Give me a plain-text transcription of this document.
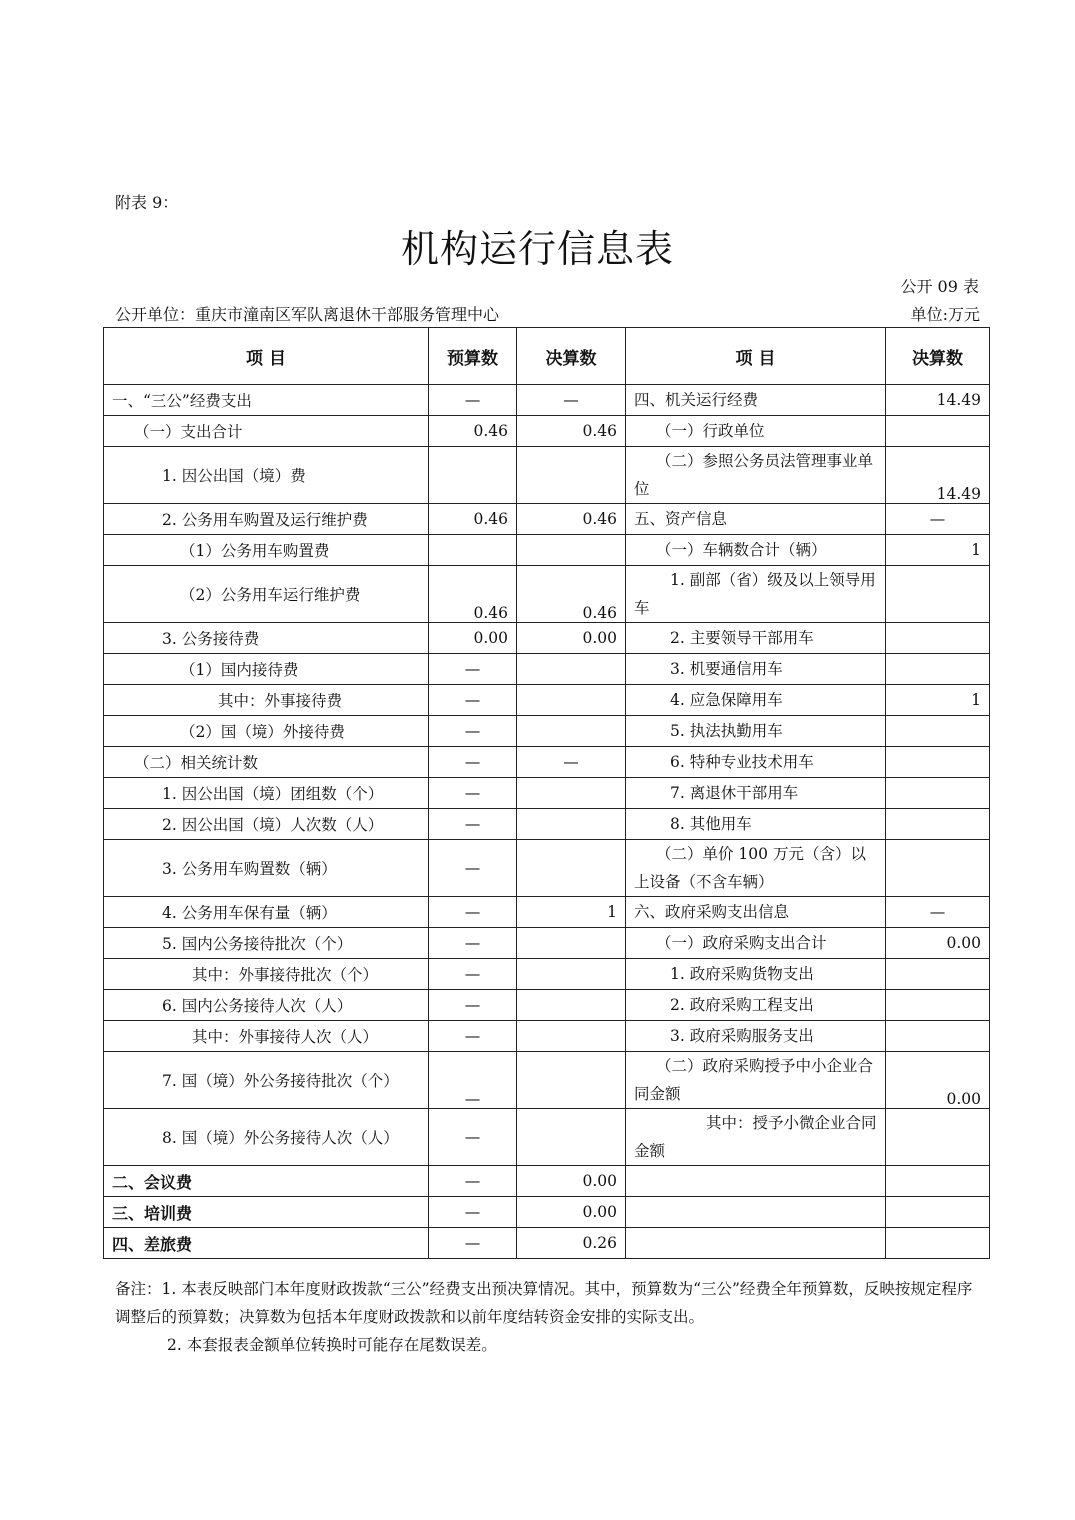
附表 9：
机构运行信息表
公开 09 表
公开单位：重庆市潼南区军队离退休干部服务管理中心	单位:万元
项 目	预算数	决算数	项 目	决算数
一、“三公”经费支出	—	—	四、机关运行经费	14.49
（一）支出合计	0.46	0.46	（一）行政单位	
1. 因公出国（境）费			（二）参照公务员法管理事业单位	14.49
2. 公务用车购置及运行维护费	0.46	0.46	五、资产信息	—
（1）公务用车购置费			（一）车辆数合计（辆）	1
（2）公务用车运行维护费	0.46	0.46	1. 副部（省）级及以上领导用车	
3. 公务接待费	0.00	0.00	2. 主要领导干部用车	
（1）国内接待费	—		3. 机要通信用车	
其中：外事接待费	—		4. 应急保障用车	1
（2）国（境）外接待费	—		5. 执法执勤用车	
（二）相关统计数	—	—	6. 特种专业技术用车	
1. 因公出国（境）团组数（个）	—		7. 离退休干部用车	
2. 因公出国（境）人次数（人）	—		8. 其他用车	
3. 公务用车购置数（辆）	—		（二）单价 100 万元（含）以上设备（不含车辆）	
4. 公务用车保有量（辆）	—	1	六、政府采购支出信息	—
5. 国内公务接待批次（个）	—		（一）政府采购支出合计	0.00
其中：外事接待批次（个）	—		1. 政府采购货物支出	
6. 国内公务接待人次（人）	—		2. 政府采购工程支出	
其中：外事接待人次（人）	—		3. 政府采购服务支出	
7. 国（境）外公务接待批次（个）	—		（二）政府采购授予中小企业合同金额	0.00
8. 国（境）外公务接待人次（人）	—		其中：授予小微企业合同金额	
二、会议费	—	0.00		
三、培训费	—	0.00		
四、差旅费	—	0.26		

备注：1. 本表反映部门本年度财政拨款“三公”经费支出预决算情况。其中，预算数为“三公”经费全年预算数，反映按规定程序调整后的预算数；决算数为包括本年度财政拨款和以前年度结转资金安排的实际支出。

2. 本套报表金额单位转换时可能存在尾数误差。
